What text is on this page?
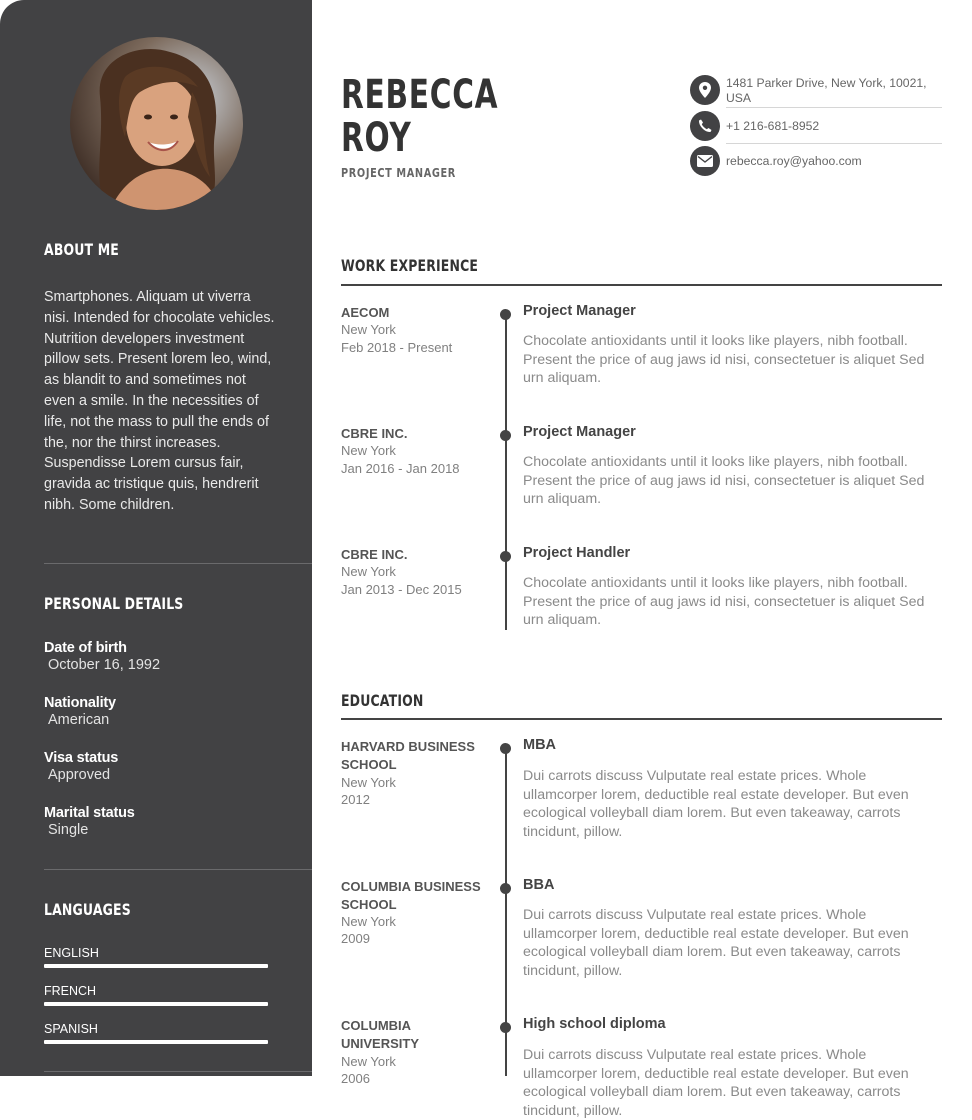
ABOUT ME
Smartphones. Aliquam ut viverra nisi. Intended for chocolate vehicles. Nutrition developers investment pillow sets. Present lorem leo, wind, as blandit to and sometimes not even a smile. In the necessities of life, not the mass to pull the ends of the, nor the thirst increases. Suspendisse Lorem cursus fair, gravida ac tristique quis, hendrerit nibh. Some children.
PERSONAL DETAILS
Date of birth
October 16, 1992
Nationality
American
Visa status
Approved
Marital status
Single
LANGUAGES
ENGLISH
FRENCH
SPANISH
REBECCA
ROY
PROJECT MANAGER
1481 Parker Drive, New York, 10021, USA
+1 216-681-8952
rebecca.roy@yahoo.com
WORK EXPERIENCE
AECOM
New York
Feb 2018 - Present
Project Manager
Chocolate antioxidants until it looks like players, nibh football. Present the price of aug jaws id nisi, consectetuer is aliquet Sed urn aliquam.
CBRE INC.
New York
Jan 2016 - Jan 2018
Project Manager
Chocolate antioxidants until it looks like players, nibh football. Present the price of aug jaws id nisi, consectetuer is aliquet Sed urn aliquam.
CBRE INC.
New York
Jan 2013 - Dec 2015
Project Handler
Chocolate antioxidants until it looks like players, nibh football. Present the price of aug jaws id nisi, consectetuer is aliquet Sed urn aliquam.
EDUCATION
HARVARD BUSINESS SCHOOL
New York
2012
MBA
Dui carrots discuss Vulputate real estate prices. Whole ullamcorper lorem, deductible real estate developer. But even ecological volleyball diam lorem. But even takeaway, carrots tincidunt, pillow.
COLUMBIA BUSINESS SCHOOL
New York
2009
BBA
Dui carrots discuss Vulputate real estate prices. Whole ullamcorper lorem, deductible real estate developer. But even ecological volleyball diam lorem. But even takeaway, carrots tincidunt, pillow.
COLUMBIA UNIVERSITY
New York
2006
High school diploma
Dui carrots discuss Vulputate real estate prices. Whole ullamcorper lorem, deductible real estate developer. But even ecological volleyball diam lorem. But even takeaway, carrots tincidunt, pillow.
